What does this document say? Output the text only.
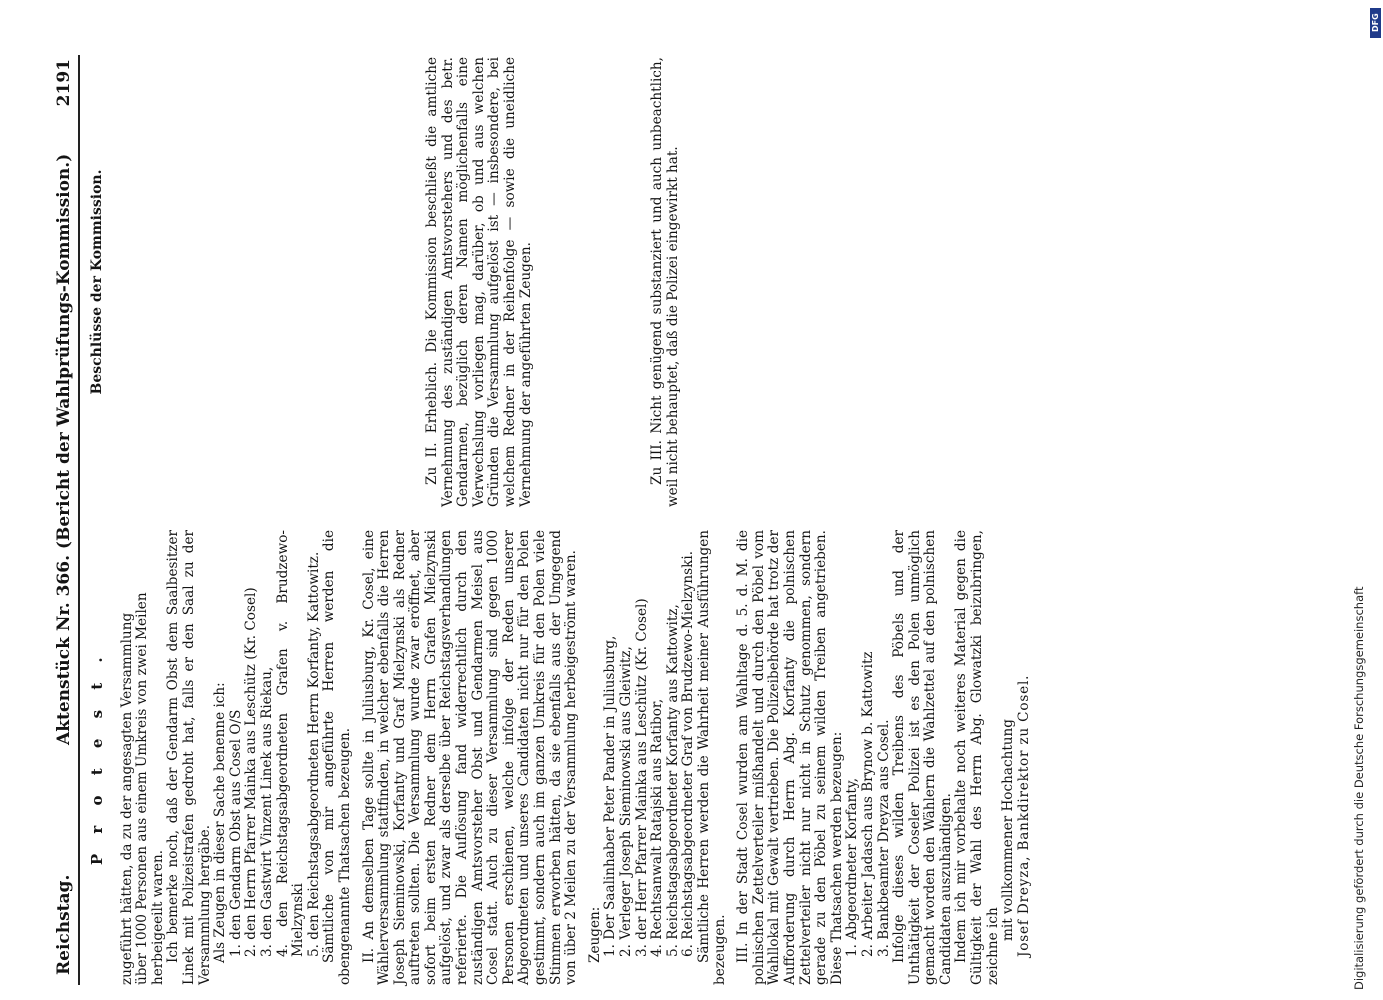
Reichstag.
Aktenstück Nr. 366. (Bericht der Wahlprüfungs-Kommission.)
2191

P r o t e s t . zugeführt hätten, da zu der angesagten Versammlung über 1000 Personen aus einem Umkreis von zwei Meilen herbeigeeilt waren. Ich bemerke noch, daß der Gendarm Obst dem Saalbesitzer Linek mit Polizeistrafen gedroht hat, falls er den Saal zu der Versammlung hergäbe. Als Zeugen in dieser Sache benenne ich: 1. den Gendarm Obst aus Cosel O/S 2. den Herrn Pfarrer Mainka aus Leschütz (Kr. Cosel) 3. den Gastwirt Vinzent Linek aus Riekau, 4. den Reichstagsabgeordneten Grafen v. Brudzewo-Mielzynski 5. den Reichstagsabgeordneten Herrn Korfanty, Kattowitz. Sämtliche von mir angeführte Herren werden die obengenannte Thatsachen bezeugen. II. An demselben Tage sollte in Juliusburg, Kr. Cosel, eine Wählerversammlung stattfinden, in welcher ebenfalls die Herren Joseph Sieminowski, Korfanty und Graf Mielzynski als Redner auftreten sollten. Die Versammlung wurde zwar eröffnet, aber sofort beim ersten Redner dem Herrn Grafen Mielzynski aufgelöst, und zwar als derselbe über Reichstagsverhandlungen referierte. Die Auflösung fand widerrechtlich durch den zuständigen Amtsvorsteher Obst und Gendarmen Meisel aus Cosel statt. Auch zu dieser Versammlung sind gegen 1000 Personen erschienen, welche infolge der Reden unserer Abgeordneten und unseres Candidaten nicht nur für den Polen gestimmt, sondern auch im ganzen Umkreis für den Polen viele Stimmen erworben hätten, da sie ebenfalls aus der Umgegend von über 2 Meilen zu der Versammlung herbeigeströmt waren. Zeugen: 1. Der Saalinhaber Peter Pander in Juliusburg, 2. Verleger Joseph Sieminowski aus Gleiwitz, 3. der Herr Pfarrer Mainka aus Leschütz (Kr. Cosel) 4. Rechtsanwalt Ratajski aus Ratibor, 5. Reichstagsabgeordneter Korfanty aus Kattowitz, 6. Reichstagsabgeordneter Graf von Brudzewo-Mielzynski. Sämtliche Herren werden die Wahrheit meiner Ausführungen bezeugen. III. In der Stadt Cosel wurden am Wahltage d. 5. d. M. die polnischen Zettelverteiler mißhandelt und durch den Pöbel vom Wahllokal mit Gewalt vertrieben. Die Polizeibehörde hat trotz der Aufforderung durch Herrn Abg. Korfanty die polnischen Zettelverteiler nicht nur nicht in Schutz genommen, sondern gerade zu den Pöbel zu seinem wilden Treiben angetrieben. Diese Thatsachen werden bezeugen: 1. Abgeordneter Korfanty, 2. Arbeiter Jadasch aus Brynow b. Kattowitz 3. Bankbeamter Dreyza aus Cosel. Infolge dieses wilden Treibens des Pöbels und der Unthätigkeit der Coseler Polizei ist es den Polen unmöglich gemacht worden den Wählern die Wahlzettel auf den polnischen Candidaten auszuhändigen. Indem ich mir vorbehalte noch weiteres Material gegen die Gültigkeit der Wahl des Herrn Abg. Glowatzki beizubringen, zeichne ich

mit vollkommener Hochachtung Josef Dreyza, Bankdirektor zu Cosel.

Beschlüsse der Kommission.	Zu II. Erheblich. Die Kommission beschließt die amtliche Vernehmung des zuständigen Amtsvorstehers und des betr. Gendarmen, bezüglich deren Namen möglichenfalls eine Verwechslung vorliegen mag, darüber, ob und aus welchen Gründen die Versammlung aufgelöst ist — insbesondere, bei welchem Redner in der Reihenfolge — sowie die uneidliche Vernehmung der angeführten Zeugen.	Zu III. Nicht genügend substanziert und auch unbeachtlich, weil nicht behauptet, daß die Polizei eingewirkt hat.

Digitalisierung gefördert durch die Deutsche Forschungsgemeinschaft
DFG
